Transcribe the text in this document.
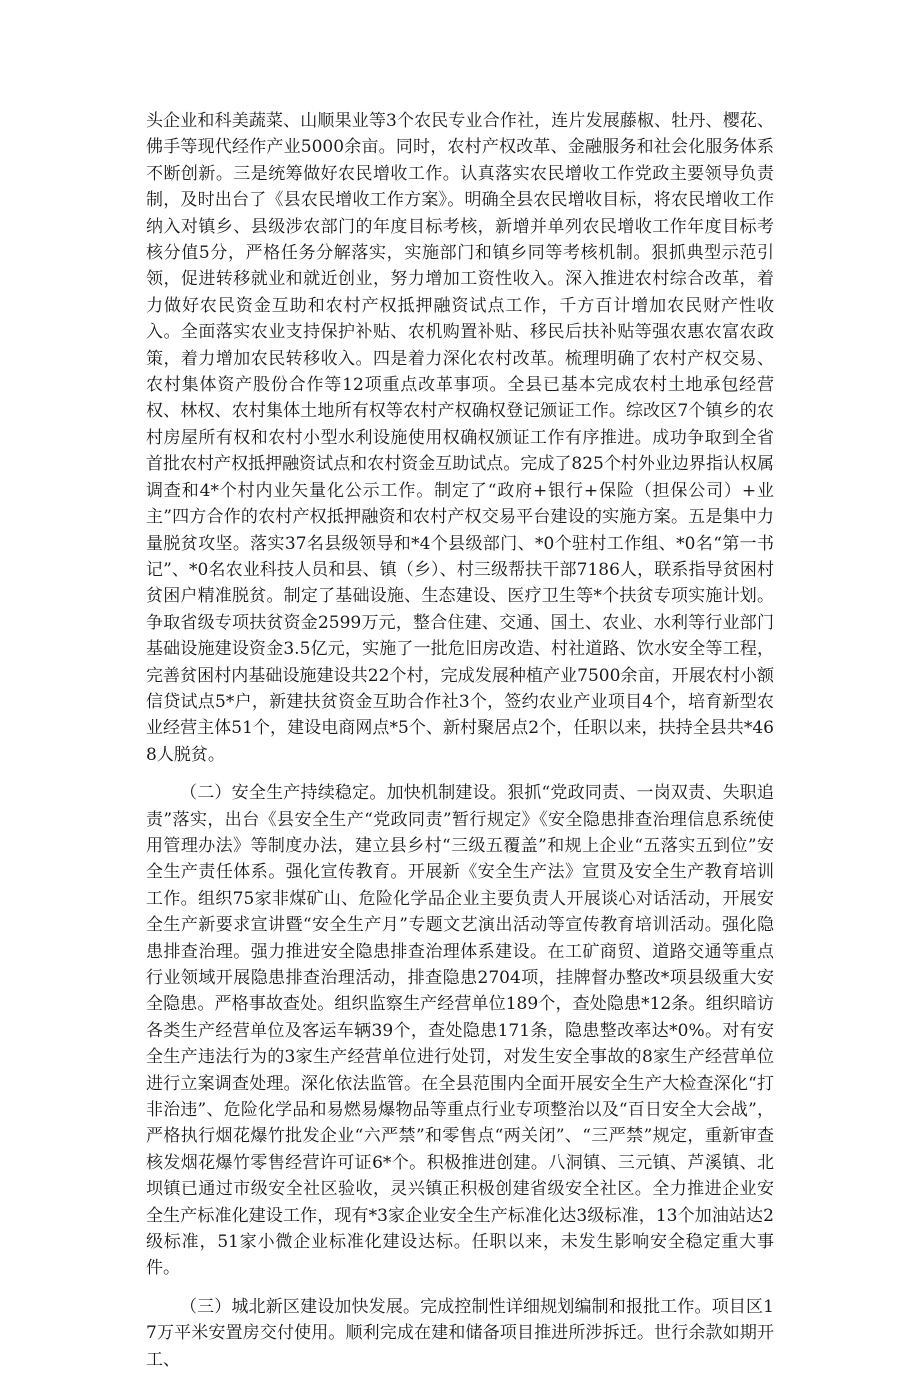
头企业和科美蔬菜、山顺果业等3个农民专业合作社，连片发展藤椒、牡丹、樱花、佛手等现代经作产业5000余亩。同时，农村产权改革、金融服务和社会化服务体系不断创新。三是统筹做好农民增收工作。认真落实农民增收工作党政主要领导负责制，及时出台了《县农民增收工作方案》。明确全县农民增收目标，将农民增收工作纳入对镇乡、县级涉农部门的年度目标考核，新增并单列农民增收工作年度目标考核分值5分，严格任务分解落实，实施部门和镇乡同等考核机制。狠抓典型示范引领，促进转移就业和就近创业，努力增加工资性收入。深入推进农村综合改革，着力做好农民资金互助和农村产权抵押融资试点工作，千方百计增加农民财产性收入。全面落实农业支持保护补贴、农机购置补贴、移民后扶补贴等强农惠农富农政策，着力增加农民转移收入。四是着力深化农村改革。梳理明确了农村产权交易、农村集体资产股份合作等12项重点改革事项。全县已基本完成农村土地承包经营权、林权、农村集体土地所有权等农村产权确权登记颁证工作。综改区7个镇乡的农村房屋所有权和农村小型水利设施使用权确权颁证工作有序推进。成功争取到全省首批农村产权抵押融资试点和农村资金互助试点。完成了825个村外业边界指认权属调查和4*个村内业矢量化公示工作。制定了“政府+银行+保险（担保公司）+业主”四方合作的农村产权抵押融资和农村产权交易平台建设的实施方案。五是集中力量脱贫攻坚。落实37名县级领导和*4个县级部门、*0个驻村工作组、*0名“第一书记”、*0名农业科技人员和县、镇（乡）、村三级帮扶干部7186人，联系指导贫困村贫困户精准脱贫。制定了基础设施、生态建设、医疗卫生等*个扶贫专项实施计划。争取省级专项扶贫资金2599万元，整合住建、交通、国土、农业、水利等行业部门基础设施建设资金3.5亿元，实施了一批危旧房改造、村社道路、饮水安全等工程，完善贫困村内基础设施建设共22个村，完成发展种植产业7500余亩，开展农村小额信贷试点5*户，新建扶贫资金互助合作社3个，签约农业产业项目4个，培育新型农业经营主体51个，建设电商网点*5个、新村聚居点2个，任职以来，扶持全县共*468人脱贫。

（二）安全生产持续稳定。加快机制建设。狠抓“党政同责、一岗双责、失职追责”落实，出台《县安全生产“党政同责”暂行规定》《安全隐患排查治理信息系统使用管理办法》等制度办法，建立县乡村“三级五覆盖”和规上企业“五落实五到位”安全生产责任体系。强化宣传教育。开展新《安全生产法》宣贯及安全生产教育培训工作。组织75家非煤矿山、危险化学品企业主要负责人开展谈心对话活动，开展安全生产新要求宣讲暨“安全生产月”专题文艺演出活动等宣传教育培训活动。强化隐患排查治理。强力推进安全隐患排查治理体系建设。在工矿商贸、道路交通等重点行业领域开展隐患排查治理活动，排查隐患2704项，挂牌督办整改*项县级重大安全隐患。严格事故查处。组织监察生产经营单位189个，查处隐患*12条。组织暗访各类生产经营单位及客运车辆39个，查处隐患171条，隐患整改率达*0%。对有安全生产违法行为的3家生产经营单位进行处罚，对发生安全事故的8家生产经营单位进行立案调查处理。深化依法监管。在全县范围内全面开展安全生产大检查深化“打非治违”、危险化学品和易燃易爆物品等重点行业专项整治以及“百日安全大会战”，严格执行烟花爆竹批发企业“六严禁”和零售点“两关闭”、“三严禁”规定，重新审查核发烟花爆竹零售经营许可证6*个。积极推进创建。八洞镇、三元镇、芦溪镇、北坝镇已通过市级安全社区验收，灵兴镇正积极创建省级安全社区。全力推进企业安全生产标准化建设工作，现有*3家企业安全生产标准化达3级标准，13个加油站达2级标准，51家小微企业标准化建设达标。任职以来，未发生影响安全稳定重大事件。

（三）城北新区建设加快发展。完成控制性详细规划编制和报批工作。项目区17万平米安置房交付使用。顺利完成在建和储备项目推进所涉拆迁。世行余款如期开工、
